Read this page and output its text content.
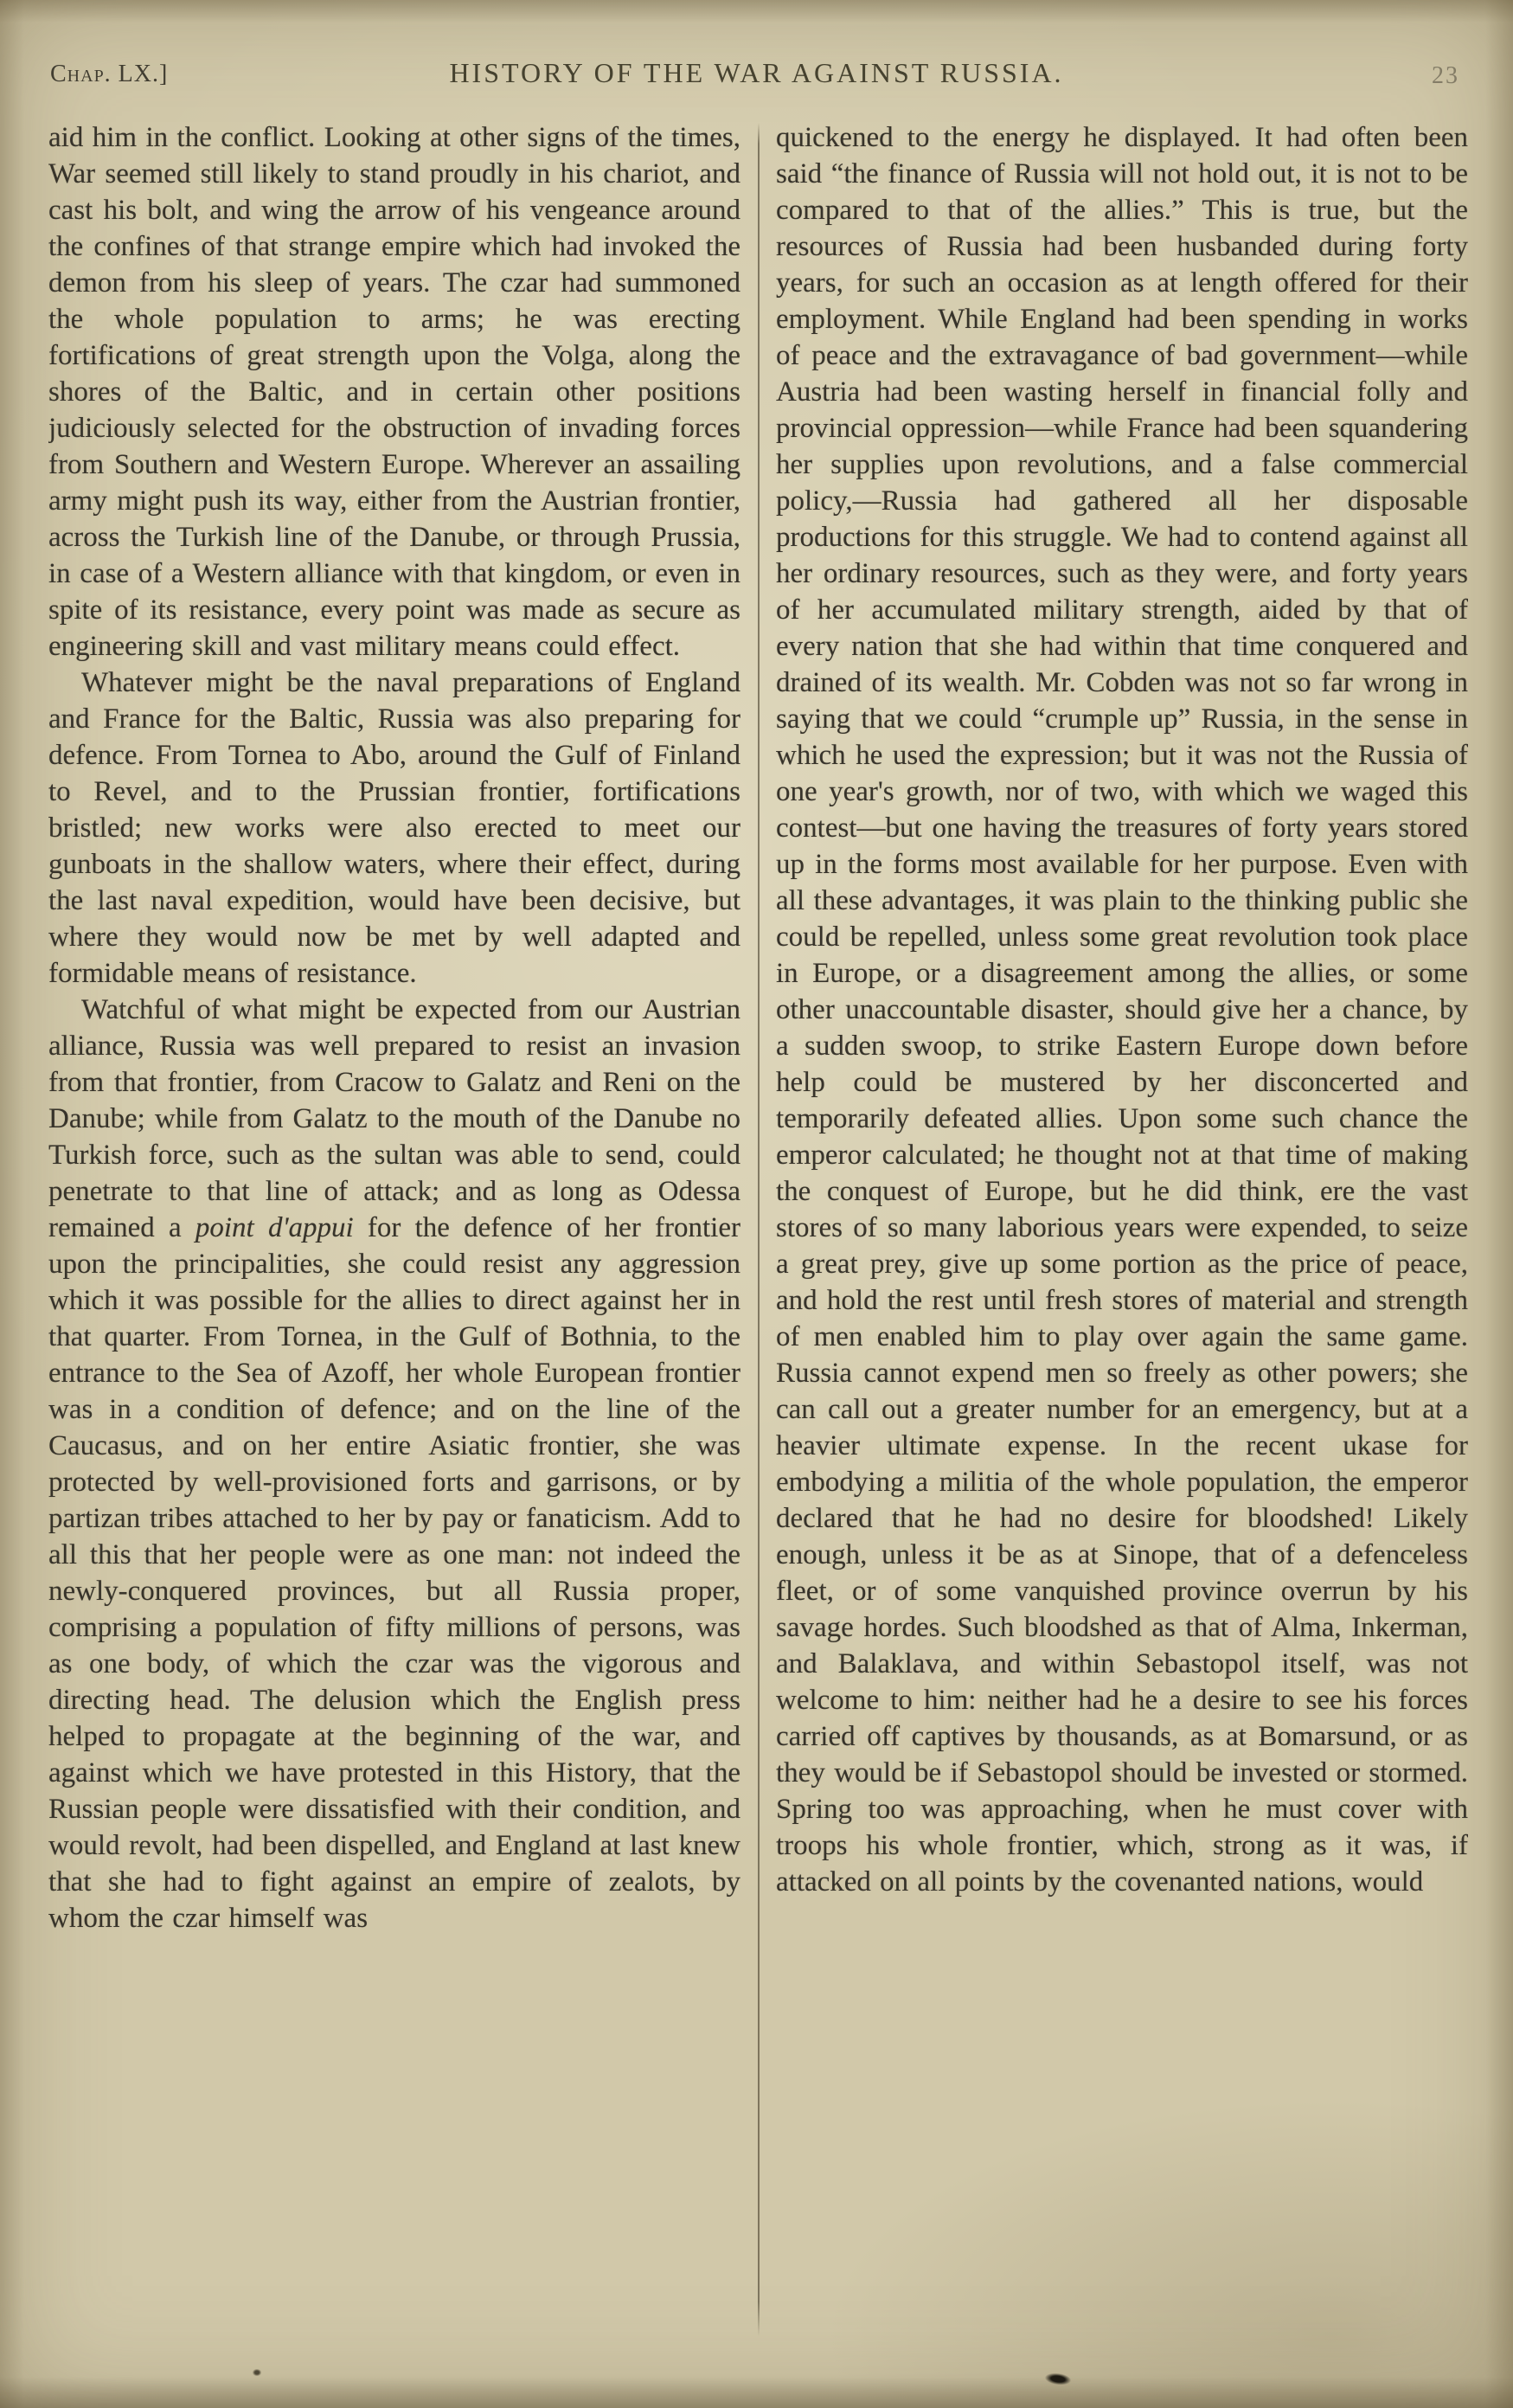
Chap. LX.]	HISTORY OF THE WAR AGAINST RUSSIA.	23

aid him in the conflict. Looking at other signs of the times, War seemed still likely to stand proudly in his chariot, and cast his bolt, and wing the arrow of his vengeance around the confines of that strange empire which had invoked the demon from his sleep of years. The czar had summoned the whole population to arms; he was erecting fortifications of great strength upon the Volga, along the shores of the Baltic, and in certain other positions judiciously selected for the obstruction of invading forces from Southern and Western Europe. Wherever an assailing army might push its way, either from the Austrian frontier, across the Turkish line of the Danube, or through Prussia, in case of a Western alliance with that kingdom, or even in spite of its resistance, every point was made as secure as engineering skill and vast military means could effect.

Whatever might be the naval preparations of England and France for the Baltic, Russia was also preparing for defence. From Tornea to Abo, around the Gulf of Finland to Revel, and to the Prussian frontier, fortifications bristled; new works were also erected to meet our gunboats in the shallow waters, where their effect, during the last naval expedition, would have been decisive, but where they would now be met by well adapted and formidable means of resistance.

Watchful of what might be expected from our Austrian alliance, Russia was well prepared to resist an invasion from that frontier, from Cracow to Galatz and Reni on the Danube; while from Galatz to the mouth of the Danube no Turkish force, such as the sultan was able to send, could penetrate to that line of attack; and as long as Odessa remained a point d'appui for the defence of her frontier upon the principalities, she could resist any aggression which it was possible for the allies to direct against her in that quarter. From Tornea, in the Gulf of Bothnia, to the entrance to the Sea of Azoff, her whole European frontier was in a condition of defence; and on the line of the Caucasus, and on her entire Asiatic frontier, she was protected by well-provisioned forts and garrisons, or by partizan tribes attached to her by pay or fanaticism. Add to all this that her people were as one man: not indeed the newly-conquered provinces, but all Russia proper, comprising a population of fifty millions of persons, was as one body, of which the czar was the vigorous and directing head. The delusion which the English press helped to propagate at the beginning of the war, and against which we have protested in this History, that the Russian people were dissatisfied with their condition, and would revolt, had been dispelled, and England at last knew that she had to fight against an empire of zealots, by whom the czar himself was

quickened to the energy he displayed. It had often been said “the finance of Russia will not hold out, it is not to be compared to that of the allies.” This is true, but the resources of Russia had been husbanded during forty years, for such an occasion as at length offered for their employment. While England had been spending in works of peace and the extravagance of bad government—while Austria had been wasting herself in financial folly and provincial oppression—while France had been squandering her supplies upon revolutions, and a false commercial policy,—Russia had gathered all her disposable productions for this struggle. We had to contend against all her ordinary resources, such as they were, and forty years of her accumulated military strength, aided by that of every nation that she had within that time conquered and drained of its wealth. Mr. Cobden was not so far wrong in saying that we could “crumple up” Russia, in the sense in which he used the expression; but it was not the Russia of one year's growth, nor of two, with which we waged this contest—but one having the treasures of forty years stored up in the forms most available for her purpose. Even with all these advantages, it was plain to the thinking public she could be repelled, unless some great revolution took place in Europe, or a disagreement among the allies, or some other unaccountable disaster, should give her a chance, by a sudden swoop, to strike Eastern Europe down before help could be mustered by her disconcerted and temporarily defeated allies. Upon some such chance the emperor calculated; he thought not at that time of making the conquest of Europe, but he did think, ere the vast stores of so many laborious years were expended, to seize a great prey, give up some portion as the price of peace, and hold the rest until fresh stores of material and strength of men enabled him to play over again the same game. Russia cannot expend men so freely as other powers; she can call out a greater number for an emergency, but at a heavier ultimate expense. In the recent ukase for embodying a militia of the whole population, the emperor declared that he had no desire for bloodshed! Likely enough, unless it be as at Sinope, that of a defenceless fleet, or of some vanquished province overrun by his savage hordes. Such bloodshed as that of Alma, Inkerman, and Balaklava, and within Sebastopol itself, was not welcome to him: neither had he a desire to see his forces carried off captives by thousands, as at Bomarsund, or as they would be if Sebastopol should be invested or stormed. Spring too was approaching, when he must cover with troops his whole frontier, which, strong as it was, if attacked on all points by the covenanted nations, would
